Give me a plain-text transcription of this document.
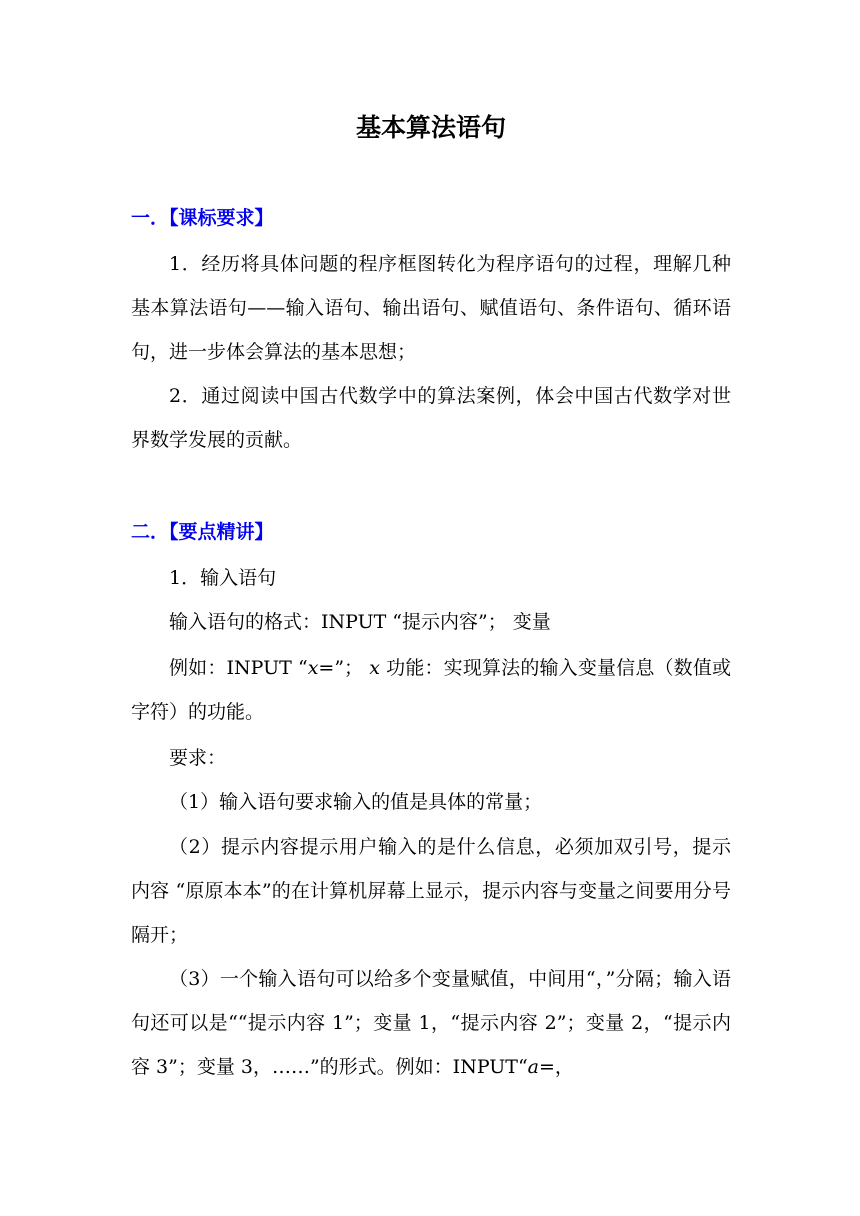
基本算法语句
一．【课标要求】
1．经历将具体问题的程序框图转化为程序语句的过程，理解几种基本算法语句——输入语句、输出语句、赋值语句、条件语句、循环语句，进一步体会算法的基本思想；
2．通过阅读中国古代数学中的算法案例，体会中国古代数学对世界数学发展的贡献。
二．【要点精讲】
1．输入语句
输入语句的格式：INPUT “提示内容”； 变量
例如：INPUT “x=”； x 功能：实现算法的输入变量信息（数值或字符）的功能。
要求：
（1）输入语句要求输入的值是具体的常量；
（2）提示内容提示用户输入的是什么信息，必须加双引号，提示内容 “原原本本”的在计算机屏幕上显示，提示内容与变量之间要用分号隔开；
（3）一个输入语句可以给多个变量赋值，中间用“，”分隔；输入语句还可以是““提示内容 1”；变量 1，“提示内容 2”；变量 2，“提示内容 3”；变量 3，……”的形式。例如：INPUT“a=，
